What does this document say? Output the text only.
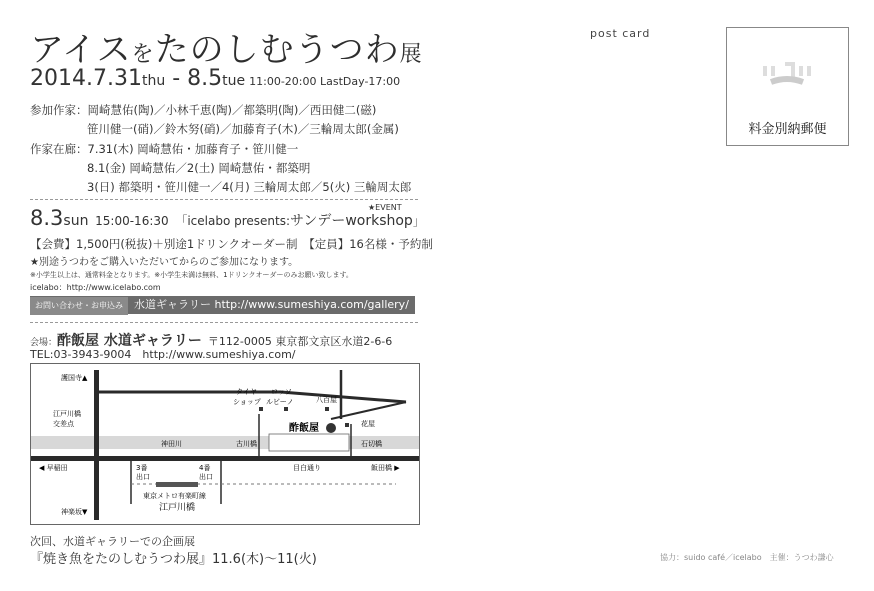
アイスをたのしむうつわ展
2014.7.31thu - 8.5tue 11:00-20:00 LastDay-17:00
参加作家：岡崎慧佑(陶)／小林千恵(陶)／都築明(陶)／西田健二(磁)
笹川健一(硝)／鈴木努(硝)／加藤育子(木)／三輪周太郎(金属)
作家在廊：7.31(木) 岡崎慧佑・加藤育子・笹川健一
8.1(金) 岡崎慧佑／2(土) 岡崎慧佑・都築明
3(日) 都築明・笹川健一／4(月) 三輪周太郎／5(火) 三輪周太郎
★EVENT
8.3sun 15:00-16:30 「icelabo presents:サンデーworkshop」
【会費】1,500円(税抜)＋別途1ドリンクオーダー制　【定員】16名様・予約制
★別途うつわをご購入いただいてからのご参加になります。
※小学生以上は、通常料金となります。※小学生未満は無料、1ドリンクオーダーのみお願い致します。
icelabo：http://www.icelabo.com
お問い合わせ・お申込み 水道ギャラリー http://www.sumeshiya.com/gallery/
会場：酢飯屋 水道ギャラリー 〒112-0005 東京都文京区水道2-6-6
TEL:03-3943-9004　http://www.sumeshiya.com/
護国寺▲
江戸川橋
交差点
タイヤ
ショップ
ロッソ
ルビーノ	八百屋
神田川	古川橋
酢飯屋	花屋
石切橋
◀ 早稲田	目白通り	飯田橋 ▶
3番
出口
4番
出口
東京メトロ有楽町線
江戸川橋
神楽坂▼
次回、水道ギャラリーでの企画展
『焼き魚をたのしむうつわ展』11.6(木)〜11(火)
post card
料金別納郵便
協力：suido café／icelabo　主催：うつわ謙心
